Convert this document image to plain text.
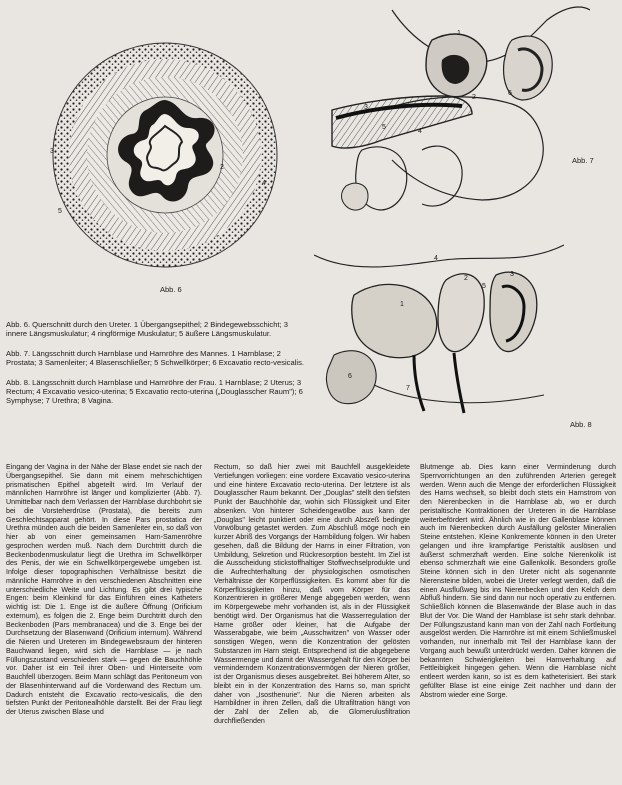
1
2
3
4
5
Abb. 6
1
2
3
4
5
6
Abb. 7
1
2
3
4
5
6
7
Abb. 8

Abb. 6. Querschnitt durch den Ureter. 1 Übergangsepithel; 2 Bindegewebsschicht; 3 innere Längsmuskulatur; 4 ringförmige Muskulatur; 5 äußere Längsmuskulatur.

Abb. 7. Längsschnitt durch Harnblase und Harnröhre des Mannes. 1 Harnblase; 2 Prostata; 3 Samenleiter; 4 Blasenschließer; 5 Schwellkörper; 6 Excavatio recto-vesicalis.

Abb. 8. Längsschnitt durch Harnblase und Harnröhre der Frau. 1 Harnblase; 2 Uterus; 3 Rectum; 4 Excavatio vesico-uterina; 5 Excavatio recto-uterina („Douglasscher Raum"); 6 Symphyse; 7 Urethra; 8 Vagina.

Eingang der Vagina in der Nähe der Blase endet sie nach der Übergangsepithel. Sie dann mit einem mehrschichtigen prismatischen Epithel abgeteilt wird. Im Verlauf der männlichen Harnröhre ist länger und komplizierter (Abb. 7). Unmittelbar nach dem Verlassen der Harnblase durchbohrt sie bei die Vorsteherdrüse (Prostata), die bereits zum Geschlechtsapparat gehört. In diese Pars prostatica der Urethra münden auch die beiden Samenleiter ein, so daß von hier ab von einer gemeinsamen Harn-Samenröhre gesprochen werden muß. Nach dem Durchtritt durch die Beckenbodenmuskulatur liegt die Urethra im Schwellkörper des Penis, der wie ein Schwellkörpergewebe umgeben ist. Infolge dieser topographischen Verhältnisse besitzt die männliche Harnröhre in den verschiedenen Abschnitten eine unterschiedliche Weite und Lichtung. Es gibt drei typische Engen: beim Kleinkind für das Einführen eines Katheters wichtig ist: Die 1. Enge ist die äußere Öffnung (Orificium externum), es folgen die 2. Enge beim Durchtritt durch den Beckenboden (Pars membranacea) und die 3. Enge bei der Durchsetzung der Blasenwand (Orificium internum). Während die Nieren und Ureteren im Bindegewebsraum der hinteren Bauchwand liegen, wird sich die Harnblase — je nach Füllungszustand verschieden stark — gegen die Bauchhöhle vor. Daher ist ein Teil ihrer Oben- und Hinterseite vom Bauchfell überzogen. Beim Mann schlägt das Peritoneum von der Blasenhinterwand auf die Vorderwand des Rectum um. Dadurch entsteht die Excavatio recto-vesicalis, die den tiefsten Punkt der Peritonealhöhle darstellt. Bei der Frau liegt der Uterus zwischen Blase und

Rectum, so daß hier zwei mit Bauchfell ausgekleidete Vertiefungen vorliegen: eine vordere Excavatio vesico-uterina und eine hintere Excavatio recto-uterina. Der letztere ist als Douglasscher Raum bekannt. Der „Douglas" stellt den tiefsten Punkt der Bauchhöhle dar, wohin sich Flüssigkeit und Eiter absenken. Von hinterer Scheidengewölbe aus kann der „Douglas" leicht punktiert oder eine durch Abszeß bedingte Vorwölbung getastet werden. Zum Abschluß möge noch ein kurzer Abriß des Vorgangs der Harnbildung folgen. Wir haben gesehen, daß die Bildung der Harns in einer Filtration, von Umbildung, Sekretion und Rückresorption besteht. Im Ziel ist die Ausscheidung stickstoffhaltiger Stoffwechselprodukte und die Aufrechterhaltung der physiologischen osmotischen Verhältnisse der Körperflüssigkeiten. Es kommt aber für die Körperflüssigkeiten hinzu, daß vom Körper für das Konzentrieren in größerer Menge abgegeben werden, wenn im Körpergewebe mehr vorhanden ist, als in der Flüssigkeit benötigt wird. Der Organismus hat die Wasserregulation der Harne größer oder kleiner, hat die Aufgabe der Wasserabgabe, wie beim „Ausschwitzen" von Wasser oder sonstigen Wegen, wenn die Konzentration der gelösten Substanzen im Harn steigt. Entsprechend ist die abgegebene Wassermenge und damit der Wassergehalt für den Körper bei verminderndem Konzentrationsvermögen der Nieren größer, ist der Organismus dieses ausgebreitet. Bei höherem Alter, so bleibt ein in der Konzentration des Harns so, man spricht daher von „Isosthenurie". Nur die Nieren arbeiten als Harnbildner in ihren Zellen, daß die Ultrafiltration hängt von der Zahl der Zellen ab, die Glomerulusfiltration durchfließenden

Blutmenge ab. Dies kann einer Verminderung durch Sperrvorrichtungen an den zuführenden Arterien geregelt werden. Wenn auch die Menge der erforderlichen Flüssigkeit des Harns wechselt, so bleibt doch stets ein Harnstrom von den Nierenbecken in die Harnblase ab, wo er durch peristaltische Kontraktionen der Ureteren in die Harnblase weiterbefördert wird. Ähnlich wie in der Gallenblase können auch im Nierenbecken durch Ausfällung gelöster Mineralien Steine entstehen. Kleine Konkremente können in den Ureter gelangen und ihre krampfartige Peristaltik auslösen und äußerst schmerzhaft werden. Eine solche Nierenkolik ist ebenso schmerzhaft wie eine Gallenkolik. Besonders große Steine können sich in den Ureter nicht als sogenannte Nierensteine bilden, wobei die Ureter verlegt werden, daß die einen Ausflußweg bis ins Nierenbecken und den Kelch dem Abfluß hindern. Sie sind dann nur noch operativ zu entfernen. Schließlich können die Blasenwände der Blase auch in das Blut der Vor. Die Wand der Harnblase ist sehr stark dehnbar. Der Füllungszustand kann man von der Zahl nach Fortleitung ausgelöst werden. Die Harnröhre ist mit einem Schließmuskel vorhanden, nur innerhalb mit Teil der Harnblase kann der Vorgang auch bewußt unterdrückt werden. Daher können die bekannten Schwierigkeiten bei Harnverhaltung auf Fettleibigkeit hingegen gehen. Wenn die Harnblase nicht entleert werden kann, so ist es dem katheterisiert. Bei stark gefüllter Blase ist eine einige Zeit nachher und dann der Abstrom wieder eine Sorge.
